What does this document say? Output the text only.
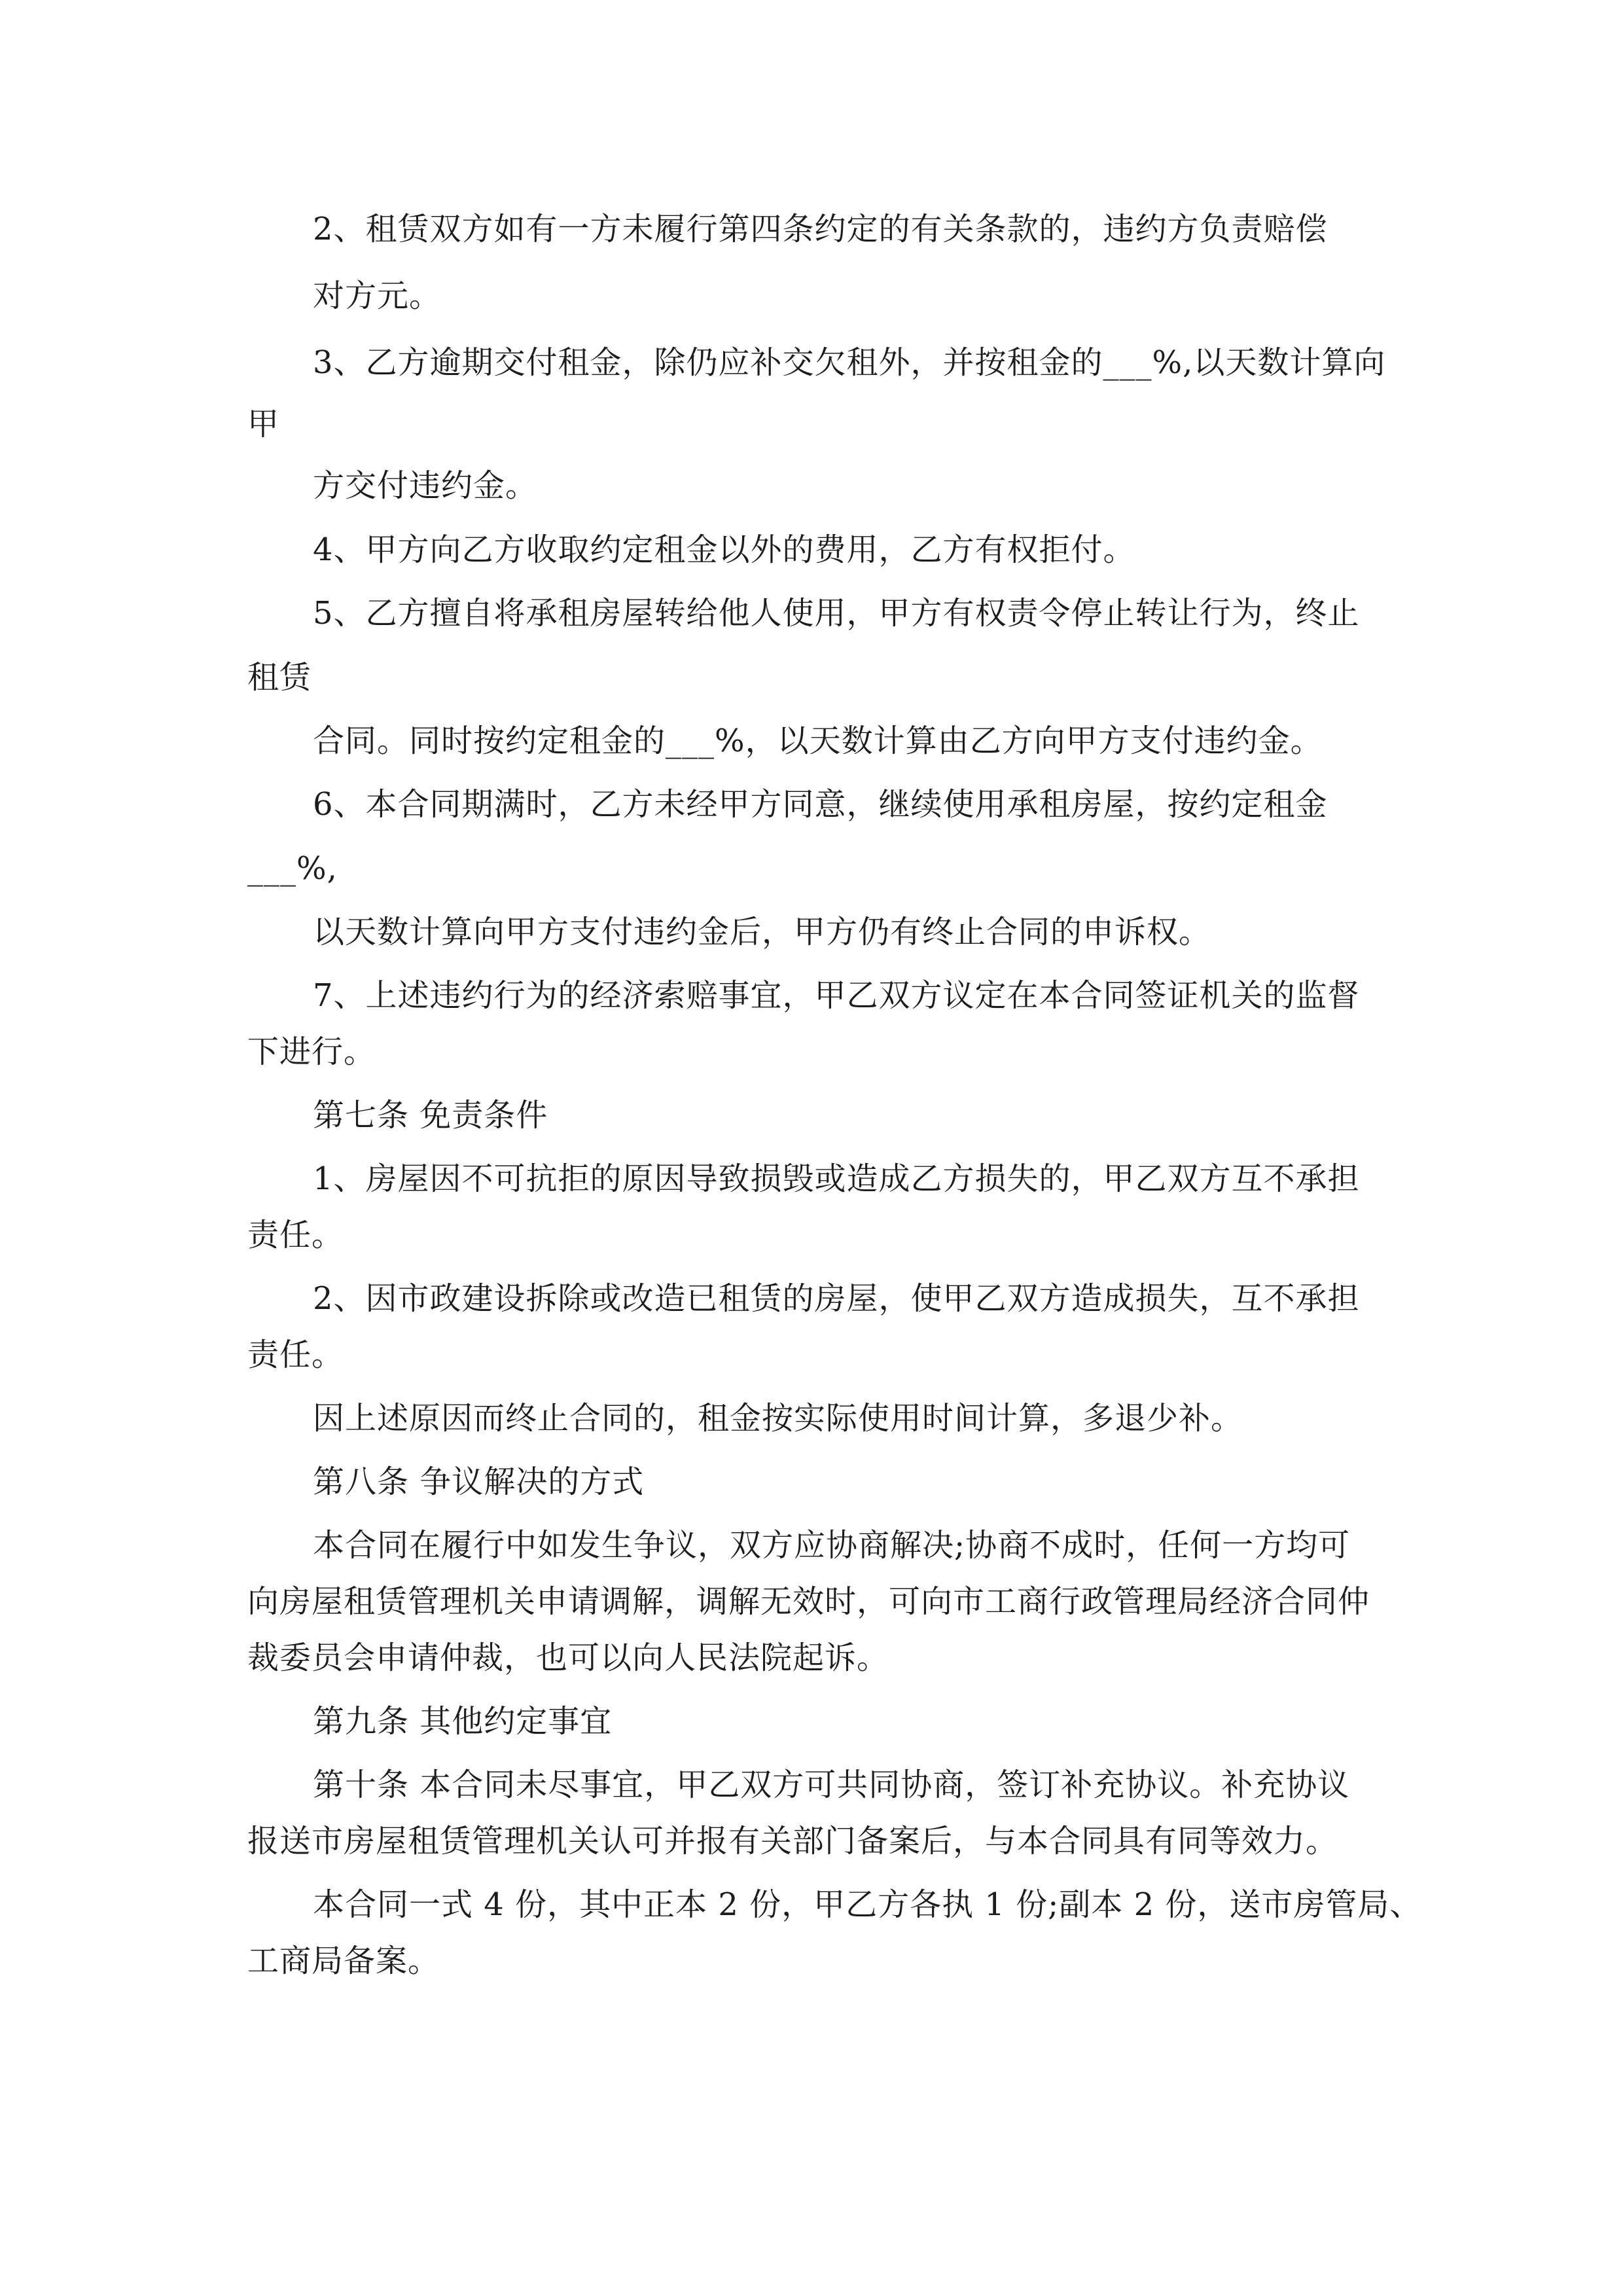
2、租赁双方如有一方未履行第四条约定的有关条款的，违约方负责赔偿
对方元。
3、乙方逾期交付租金，除仍应补交欠租外，并按租金的___%,以天数计算向
甲
方交付违约金。
4、甲方向乙方收取约定租金以外的费用，乙方有权拒付。
5、乙方擅自将承租房屋转给他人使用，甲方有权责令停止转让行为，终止
租赁
合同。同时按约定租金的___%，以天数计算由乙方向甲方支付违约金。
6、本合同期满时，乙方未经甲方同意，继续使用承租房屋，按约定租金
___%,
以天数计算向甲方支付违约金后，甲方仍有终止合同的申诉权。
7、上述违约行为的经济索赔事宜，甲乙双方议定在本合同签证机关的监督
下进行。
第七条 免责条件
1、房屋因不可抗拒的原因导致损毁或造成乙方损失的，甲乙双方互不承担
责任。
2、因市政建设拆除或改造已租赁的房屋，使甲乙双方造成损失，互不承担
责任。
因上述原因而终止合同的，租金按实际使用时间计算，多退少补。
第八条 争议解决的方式
本合同在履行中如发生争议，双方应协商解决;协商不成时，任何一方均可
向房屋租赁管理机关申请调解，调解无效时，可向市工商行政管理局经济合同仲
裁委员会申请仲裁，也可以向人民法院起诉。
第九条 其他约定事宜
第十条 本合同未尽事宜，甲乙双方可共同协商，签订补充协议。补充协议
报送市房屋租赁管理机关认可并报有关部门备案后，与本合同具有同等效力。
本合同一式 4 份，其中正本 2 份，甲乙方各执 1 份;副本 2 份，送市房管局、
工商局备案。
